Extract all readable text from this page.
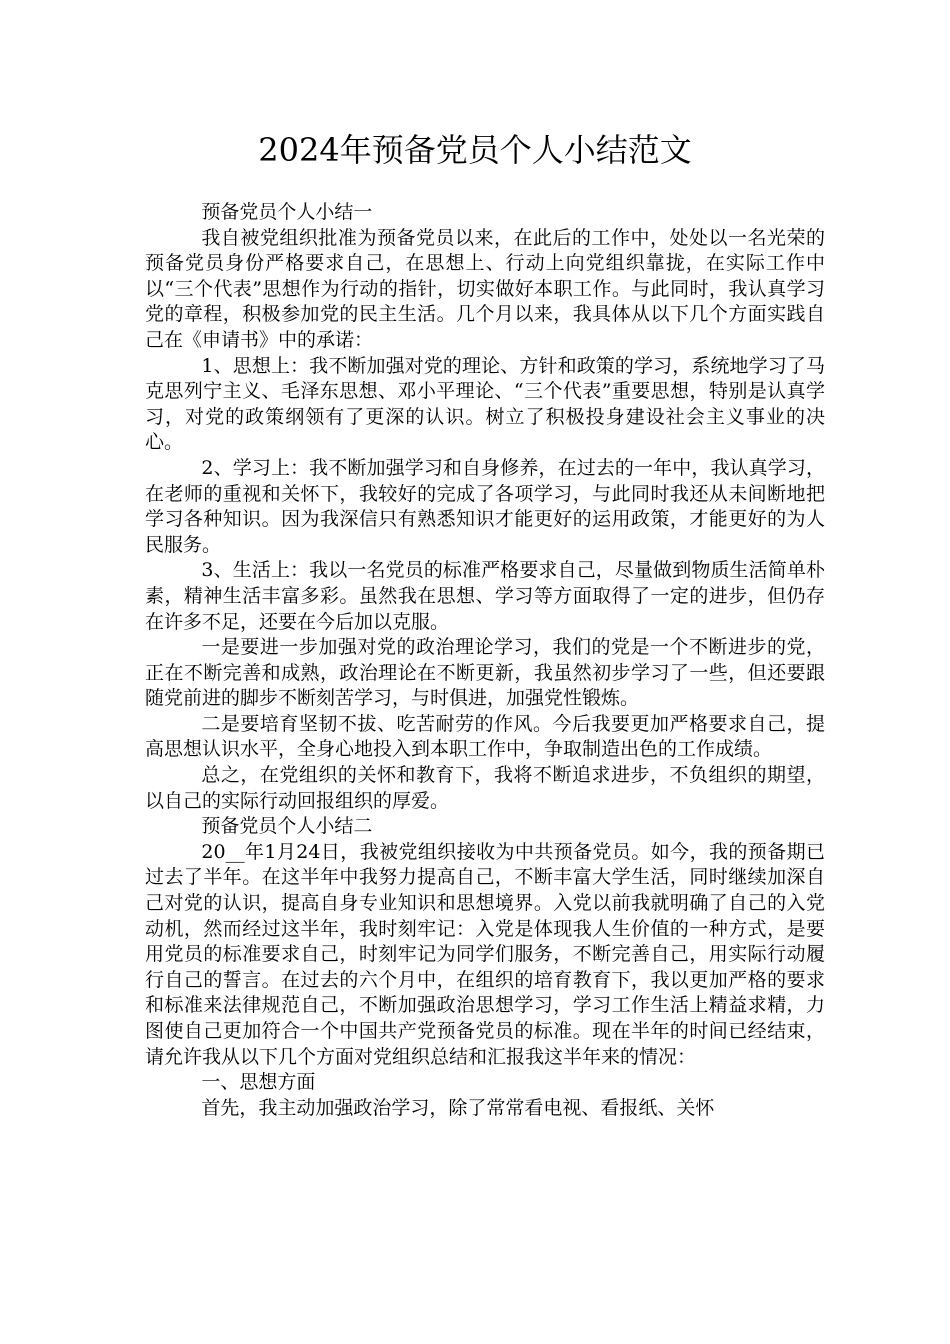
2024年预备党员个人小结范文

预备党员个人小结一

我自被党组织批准为预备党员以来，在此后的工作中，处处以一名光荣的预备党员身份严格要求自己，在思想上、行动上向党组织靠拢，在实际工作中以“三个代表”思想作为行动的指针，切实做好本职工作。与此同时，我认真学习党的章程，积极参加党的民主生活。几个月以来，我具体从以下几个方面实践自己在《申请书》中的承诺：

1、思想上：我不断加强对党的理论、方针和政策的学习，系统地学习了马克思列宁主义、毛泽东思想、邓小平理论、“三个代表”重要思想，特别是认真学习，对党的政策纲领有了更深的认识。树立了积极投身建设社会主义事业的决心。

2、学习上：我不断加强学习和自身修养，在过去的一年中，我认真学习，在老师的重视和关怀下，我较好的完成了各项学习，与此同时我还从未间断地把学习各种知识。因为我深信只有熟悉知识才能更好的运用政策，才能更好的为人民服务。

3、生活上：我以一名党员的标准严格要求自己，尽量做到物质生活简单朴素，精神生活丰富多彩。虽然我在思想、学习等方面取得了一定的进步，但仍存在许多不足，还要在今后加以克服。

一是要进一步加强对党的政治理论学习，我们的党是一个不断进步的党，正在不断完善和成熟，政治理论在不断更新，我虽然初步学习了一些，但还要跟随党前进的脚步不断刻苦学习，与时俱进，加强党性锻炼。

二是要培育坚韧不拔、吃苦耐劳的作风。今后我要更加严格要求自己，提高思想认识水平，全身心地投入到本职工作中，争取制造出色的工作成绩。

总之，在党组织的关怀和教育下，我将不断追求进步，不负组织的期望，以自己的实际行动回报组织的厚爱。

预备党员个人小结二

20__年1月24日，我被党组织接收为中共预备党员。如今，我的预备期已过去了半年。在这半年中我努力提高自己，不断丰富大学生活，同时继续加深自己对党的认识，提高自身专业知识和思想境界。入党以前我就明确了自己的入党动机，然而经过这半年，我时刻牢记：入党是体现我人生价值的一种方式，是要用党员的标准要求自己，时刻牢记为同学们服务，不断完善自己，用实际行动履行自己的誓言。在过去的六个月中，在组织的培育教育下，我以更加严格的要求和标准来法律规范自己，不断加强政治思想学习，学习工作生活上精益求精，力图使自己更加符合一个中国共产党预备党员的标准。现在半年的时间已经结束，请允许我从以下几个方面对党组织总结和汇报我这半年来的情况：

一、思想方面

首先，我主动加强政治学习，除了常常看电视、看报纸、关怀
